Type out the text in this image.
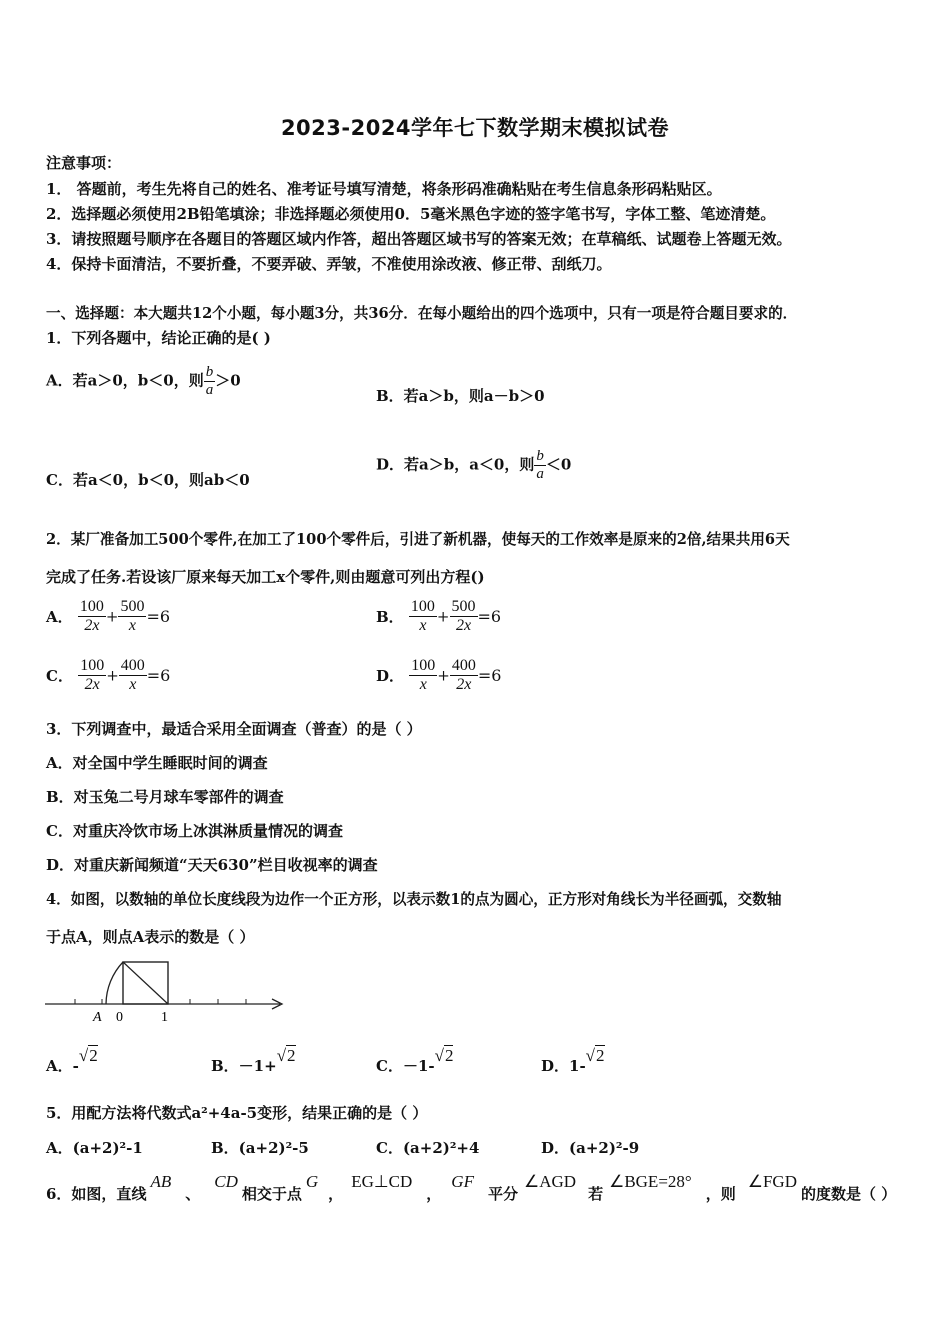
2023-2024学年七下数学期末模拟试卷
注意事项：
1． 答题前，考生先将自己的姓名、准考证号填写清楚，将条形码准确粘贴在考生信息条形码粘贴区。
2．选择题必须使用2B铅笔填涂；非选择题必须使用0．5毫米黑色字迹的签字笔书写，字体工整、笔迹清楚。
3．请按照题号顺序在各题目的答题区域内作答，超出答题区域书写的答案无效；在草稿纸、试题卷上答题无效。
4．保持卡面清洁，不要折叠，不要弄破、弄皱，不准使用涂改液、修正带、刮纸刀。
一、选择题：本大题共12个小题，每小题3分，共36分．在每小题给出的四个选项中，只有一项是符合题目要求的．
1．下列各题中，结论正确的是( )
A．若a＞0，b＜0，则 $\frac{b}{a} >0$
B．若a＞b，则a－b＞0
C．若a＜0，b＜0，则ab＜0
D．若a＞b，a＜0，则 $\frac{b}{a} <0$
2．某厂准备加工500个零件,在加工了100个零件后，引进了新机器，使每天的工作效率是原来的2倍,结果共用6天
完成了任务.若设该厂原来每天加工x个零件,则由题意可列出方程()
A． $\frac{100}{2x} + \frac{500}{x} =6$	B． $\frac{100}{x} + \frac{500}{2x} =6$
C． $\frac{100}{2x} + \frac{400}{x} =6$	D． $\frac{100}{x} + \frac{400}{2x} =6$
3．下列调查中，最适合采用全面调查（普查）的是（ ）
A．对全国中学生睡眠时间的调查
B．对玉兔二号月球车零部件的调查
C．对重庆冷饮市场上冰淇淋质量情况的调查
D．对重庆新闻频道“天天630”栏目收视率的调查
4．如图，以数轴的单位长度线段为边作一个正方形，以表示数1的点为圆心，正方形对角线长为半径画弧，交数轴
于点A，则点A表示的数是（ ）
A 0	1
A．-√2
B．－1+√2
C．－1-√2
D．1-√2
5．用配方法将代数式a²+4a-5变形，结果正确的是（ ）
A．(a+2)²-1	B．(a+2)²-5	C．(a+2)²+4	D．(a+2)²-9
6．如图，直线AB、CD相交于点G，EG⊥CD，GF平分∠AGD若∠BGE=28°，则∠FGD的度数是（ ）
